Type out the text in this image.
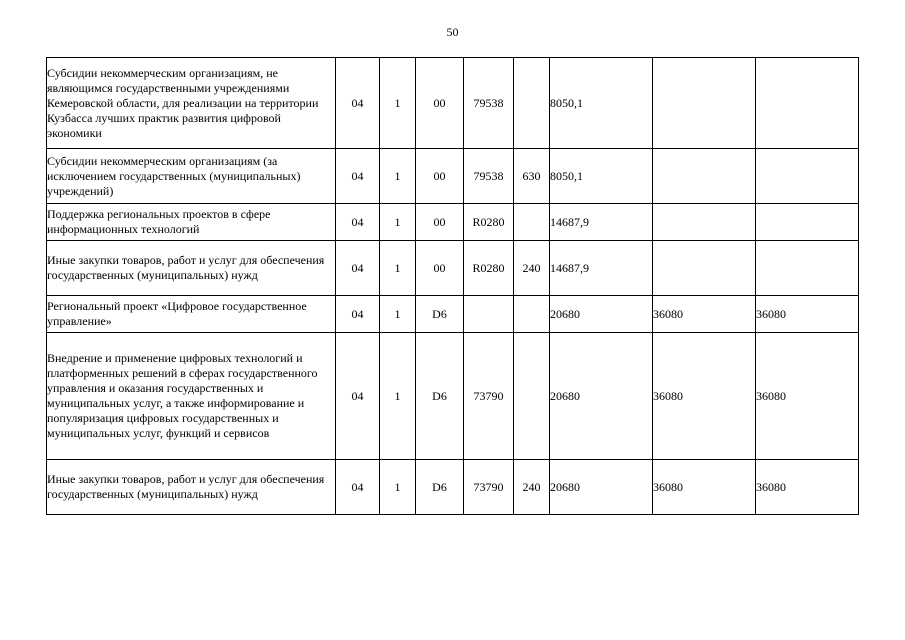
50
Субсидии некоммерческим организациям, не являющимся государственными учреждениями Кемеровской области, для реализации на территории Кузбасса лучших практик развития цифровой экономики	04	1	00	79538		8050,1		
Субсидии некоммерческим организациям (за исключением государственных (муниципальных) учреждений)	04	1	00	79538	630	8050,1		
Поддержка региональных проектов в сфере информационных технологий	04	1	00	R0280		14687,9		
Иные закупки товаров, работ и услуг для обеспечения государственных (муниципальных) нужд	04	1	00	R0280	240	14687,9		
Региональный проект «Цифровое государственное управление»	04	1	D6			20680	36080	36080
Внедрение и применение цифровых технологий и платформенных решений в сферах государственного управления и оказания государственных и муниципальных услуг, а также информирование и популяризация цифровых государственных и муниципальных услуг, функций и сервисов	04	1	D6	73790		20680	36080	36080
Иные закупки товаров, работ и услуг для обеспечения государственных (муниципальных) нужд	04	1	D6	73790	240	20680	36080	36080
